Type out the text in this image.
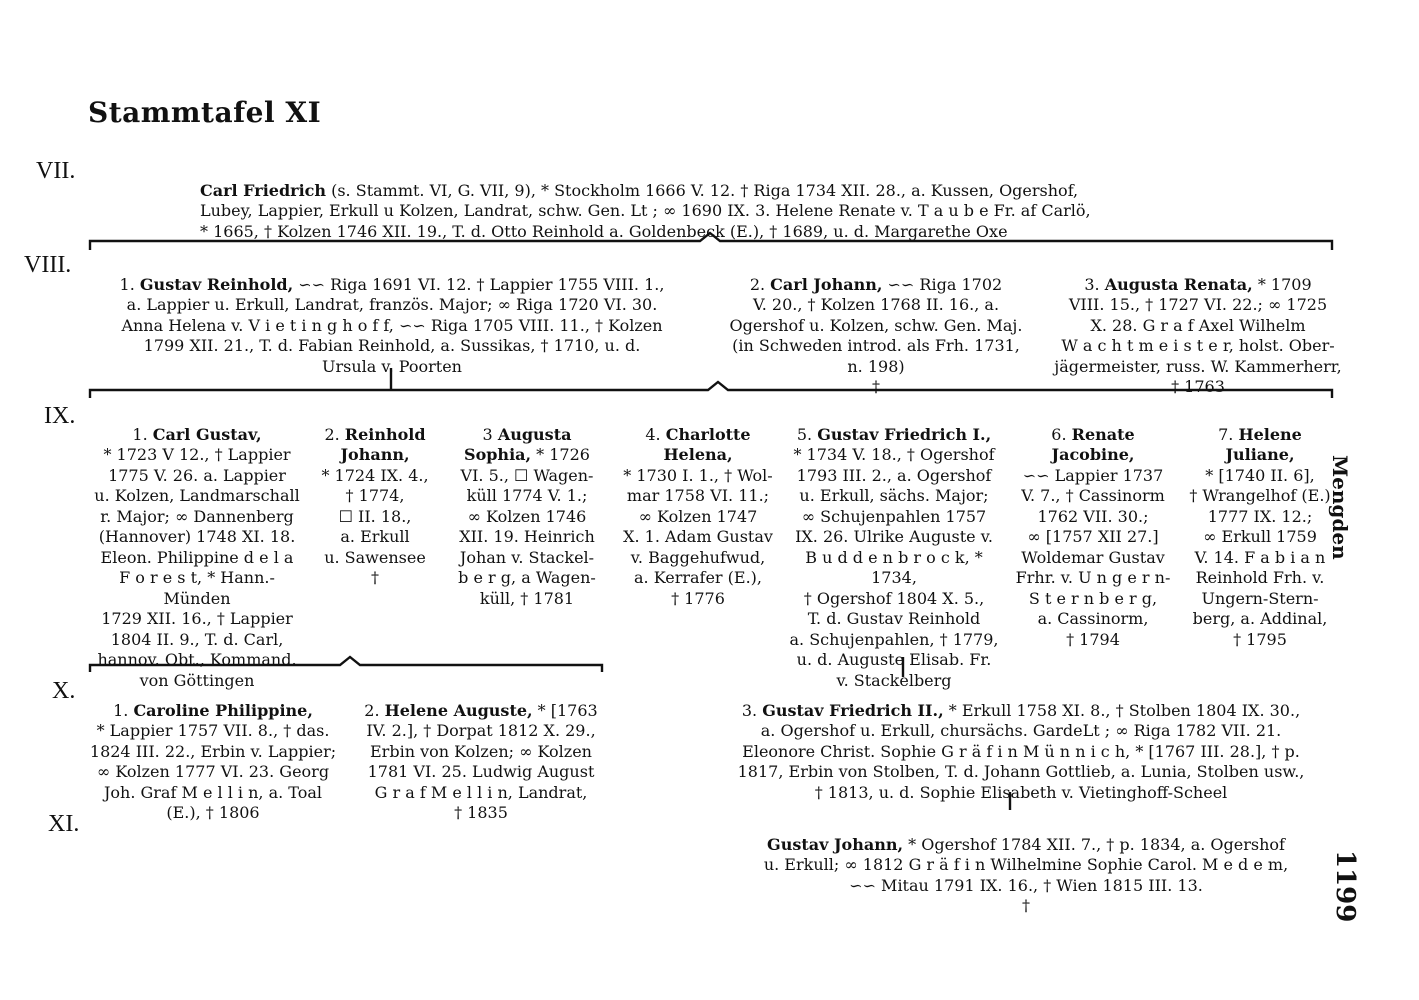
Stammtafel XI
VII.
VIII.
IX.
X.
XI.

Carl Friedrich (s. Stammt. VI, G. VII, 9), * Stockholm 1666 V. 12. † Riga 1734 XII. 28., a. Kussen, Ogershof,
Lubey, Lappier, Erkull u Kolzen, Landrat, schw. Gen. Lt ; ∞ 1690 IX. 3. Helene Renate v. T a u b e Fr. af Carlö,
* 1665, † Kolzen 1746 XII. 19., T. d. Otto Reinhold a. Goldenbeck (E.), † 1689, u. d. Margarethe Oxe

1. Gustav Reinhold, ∽∽ Riga 1691 VI. 12. † Lappier 1755 VIII. 1.,
a. Lappier u. Erkull, Landrat, französ. Major; ∞ Riga 1720 VI. 30.
Anna Helena v. V i e t i n g h o f f, ∽∽ Riga 1705 VIII. 11., † Kolzen
1799 XII. 21., T. d. Fabian Reinhold, a. Sussikas, † 1710, u. d.
Ursula v. Poorten

2. Carl Johann, ∽∽ Riga 1702
V. 20., † Kolzen 1768 II. 16., a.
Ogershof u. Kolzen, schw. Gen. Maj.
(in Schweden introd. als Frh. 1731,
n. 198)
†

3. Augusta Renata, * 1709
VIII. 15., † 1727 VI. 22.; ∞ 1725
X. 28. G r a f Axel Wilhelm
W a c h t m e i s t e r, holst. Ober-
jägermeister, russ. W. Kammerherr,
† 1763

1. Carl Gustav,
* 1723 V 12., † Lappier
1775 V. 26. a. Lappier
u. Kolzen, Landmarschall
r. Major; ∞ Dannenberg
(Hannover) 1748 XI. 18.
Eleon. Philippine d e l a
F o r e s t, * Hann.-Münden
1729 XII. 16., † Lappier
1804 II. 9., T. d. Carl,
hannov. Obt., Kommand.
von Göttingen

2. Reinhold
Johann,
* 1724 IX. 4.,
† 1774,
☐ II. 18.,
a. Erkull
u. Sawensee
†

3 Augusta
Sophia, * 1726
VI. 5., ☐ Wagen-
küll 1774 V. 1.;
∞ Kolzen 1746
XII. 19. Heinrich
Johan v. Stackel-
b e r g, a Wagen-
küll, † 1781

4. Charlotte
Helena,
* 1730 I. 1., † Wol-
mar 1758 VI. 11.;
∞ Kolzen 1747
X. 1. Adam Gustav
v. Baggehufwud,
a. Kerrafer (E.),
† 1776

5. Gustav Friedrich I.,
* 1734 V. 18., † Ogershof
1793 III. 2., a. Ogershof
u. Erkull, sächs. Major;
∞ Schujenpahlen 1757
IX. 26. Ulrike Auguste v.
B u d d e n b r o c k, * 1734,
† Ogershof 1804 X. 5.,
T. d. Gustav Reinhold
a. Schujenpahlen, † 1779,
u. d. Auguste Elisab. Fr.
v. Stackelberg

6. Renate
Jacobine,
∽∽ Lappier 1737
V. 7., † Cassinorm
1762 VII. 30.;
∞ [1757 XII 27.]
Woldemar Gustav
Frhr. v. U n g e r n-
S t e r n b e r g,
a. Cassinorm,
† 1794

7. Helene
Juliane,
* [1740 II. 6],
† Wrangelhof (E.)
1777 IX. 12.;
∞ Erkull 1759
V. 14. F a b i a n
Reinhold Frh. v.
Ungern-Stern-
berg, a. Addinal,
† 1795

1. Caroline Philippine,
* Lappier 1757 VII. 8., † das.
1824 III. 22., Erbin v. Lappier;
∞ Kolzen 1777 VI. 23. Georg
Joh. Graf M e l l i n, a. Toal
(E.), † 1806

2. Helene Auguste, * [1763
IV. 2.], † Dorpat 1812 X. 29.,
Erbin von Kolzen; ∞ Kolzen
1781 VI. 25. Ludwig August
G r a f M e l l i n, Landrat,
† 1835

3. Gustav Friedrich II., * Erkull 1758 XI. 8., † Stolben 1804 IX. 30.,
a. Ogershof u. Erkull, chursächs. GardeLt ; ∞ Riga 1782 VII. 21.
Eleonore Christ. Sophie G r ä f i n M ü n n i c h, * [1767 III. 28.], † p.
1817, Erbin von Stolben, T. d. Johann Gottlieb, a. Lunia, Stolben usw.,
† 1813, u. d. Sophie Elisabeth v. Vietinghoff-Scheel

Gustav Johann, * Ogershof 1784 XII. 7., † p. 1834, a. Ogershof
u. Erkull; ∞ 1812 G r ä f i n Wilhelmine Sophie Carol. M e d e m,
∽∽ Mitau 1791 IX. 16., † Wien 1815 III. 13.
†

Mengden
1199
